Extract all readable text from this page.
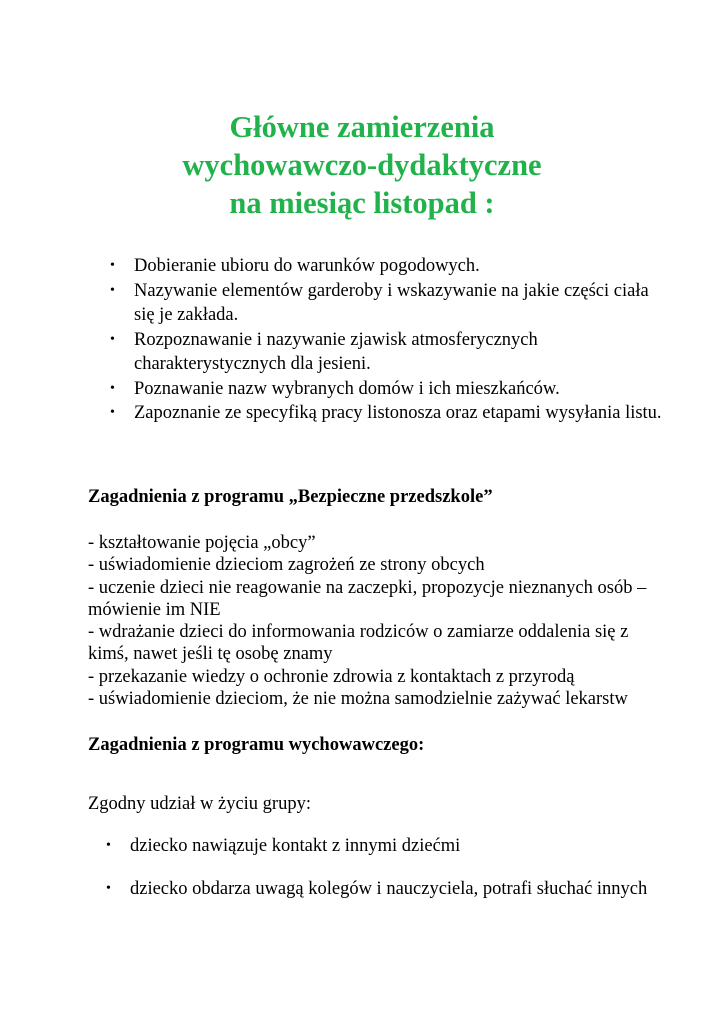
Główne zamierzenia
wychowawczo-dydaktyczne
na miesiąc listopad :
• Dobieranie ubioru do warunków pogodowych.
• Nazywanie elementów garderoby i wskazywanie na jakie części ciała się je zakłada.
• Rozpoznawanie i nazywanie zjawisk atmosferycznych charakterystycznych dla jesieni.
• Poznawanie nazw wybranych domów i ich mieszkańców.
• Zapoznanie ze specyfiką pracy listonosza oraz etapami wysyłania listu.
Zagadnienia z programu „Bezpieczne przedszkole”
- kształtowanie pojęcia „obcy”
- uświadomienie dzieciom zagrożeń ze strony obcych
- uczenie dzieci nie reagowanie na zaczepki, propozycje nieznanych osób – mówienie im NIE
- wdrażanie dzieci do informowania rodziców o zamiarze oddalenia się z kimś, nawet jeśli tę osobę znamy
- przekazanie wiedzy o ochronie zdrowia z kontaktach z przyrodą
- uświadomienie dzieciom, że nie można samodzielnie zażywać lekarstw
Zagadnienia z programu wychowawczego:
Zgodny udział w życiu grupy:
• dziecko nawiązuje kontakt z innymi dziećmi
• dziecko obdarza uwagą kolegów i nauczyciela, potrafi słuchać innych
